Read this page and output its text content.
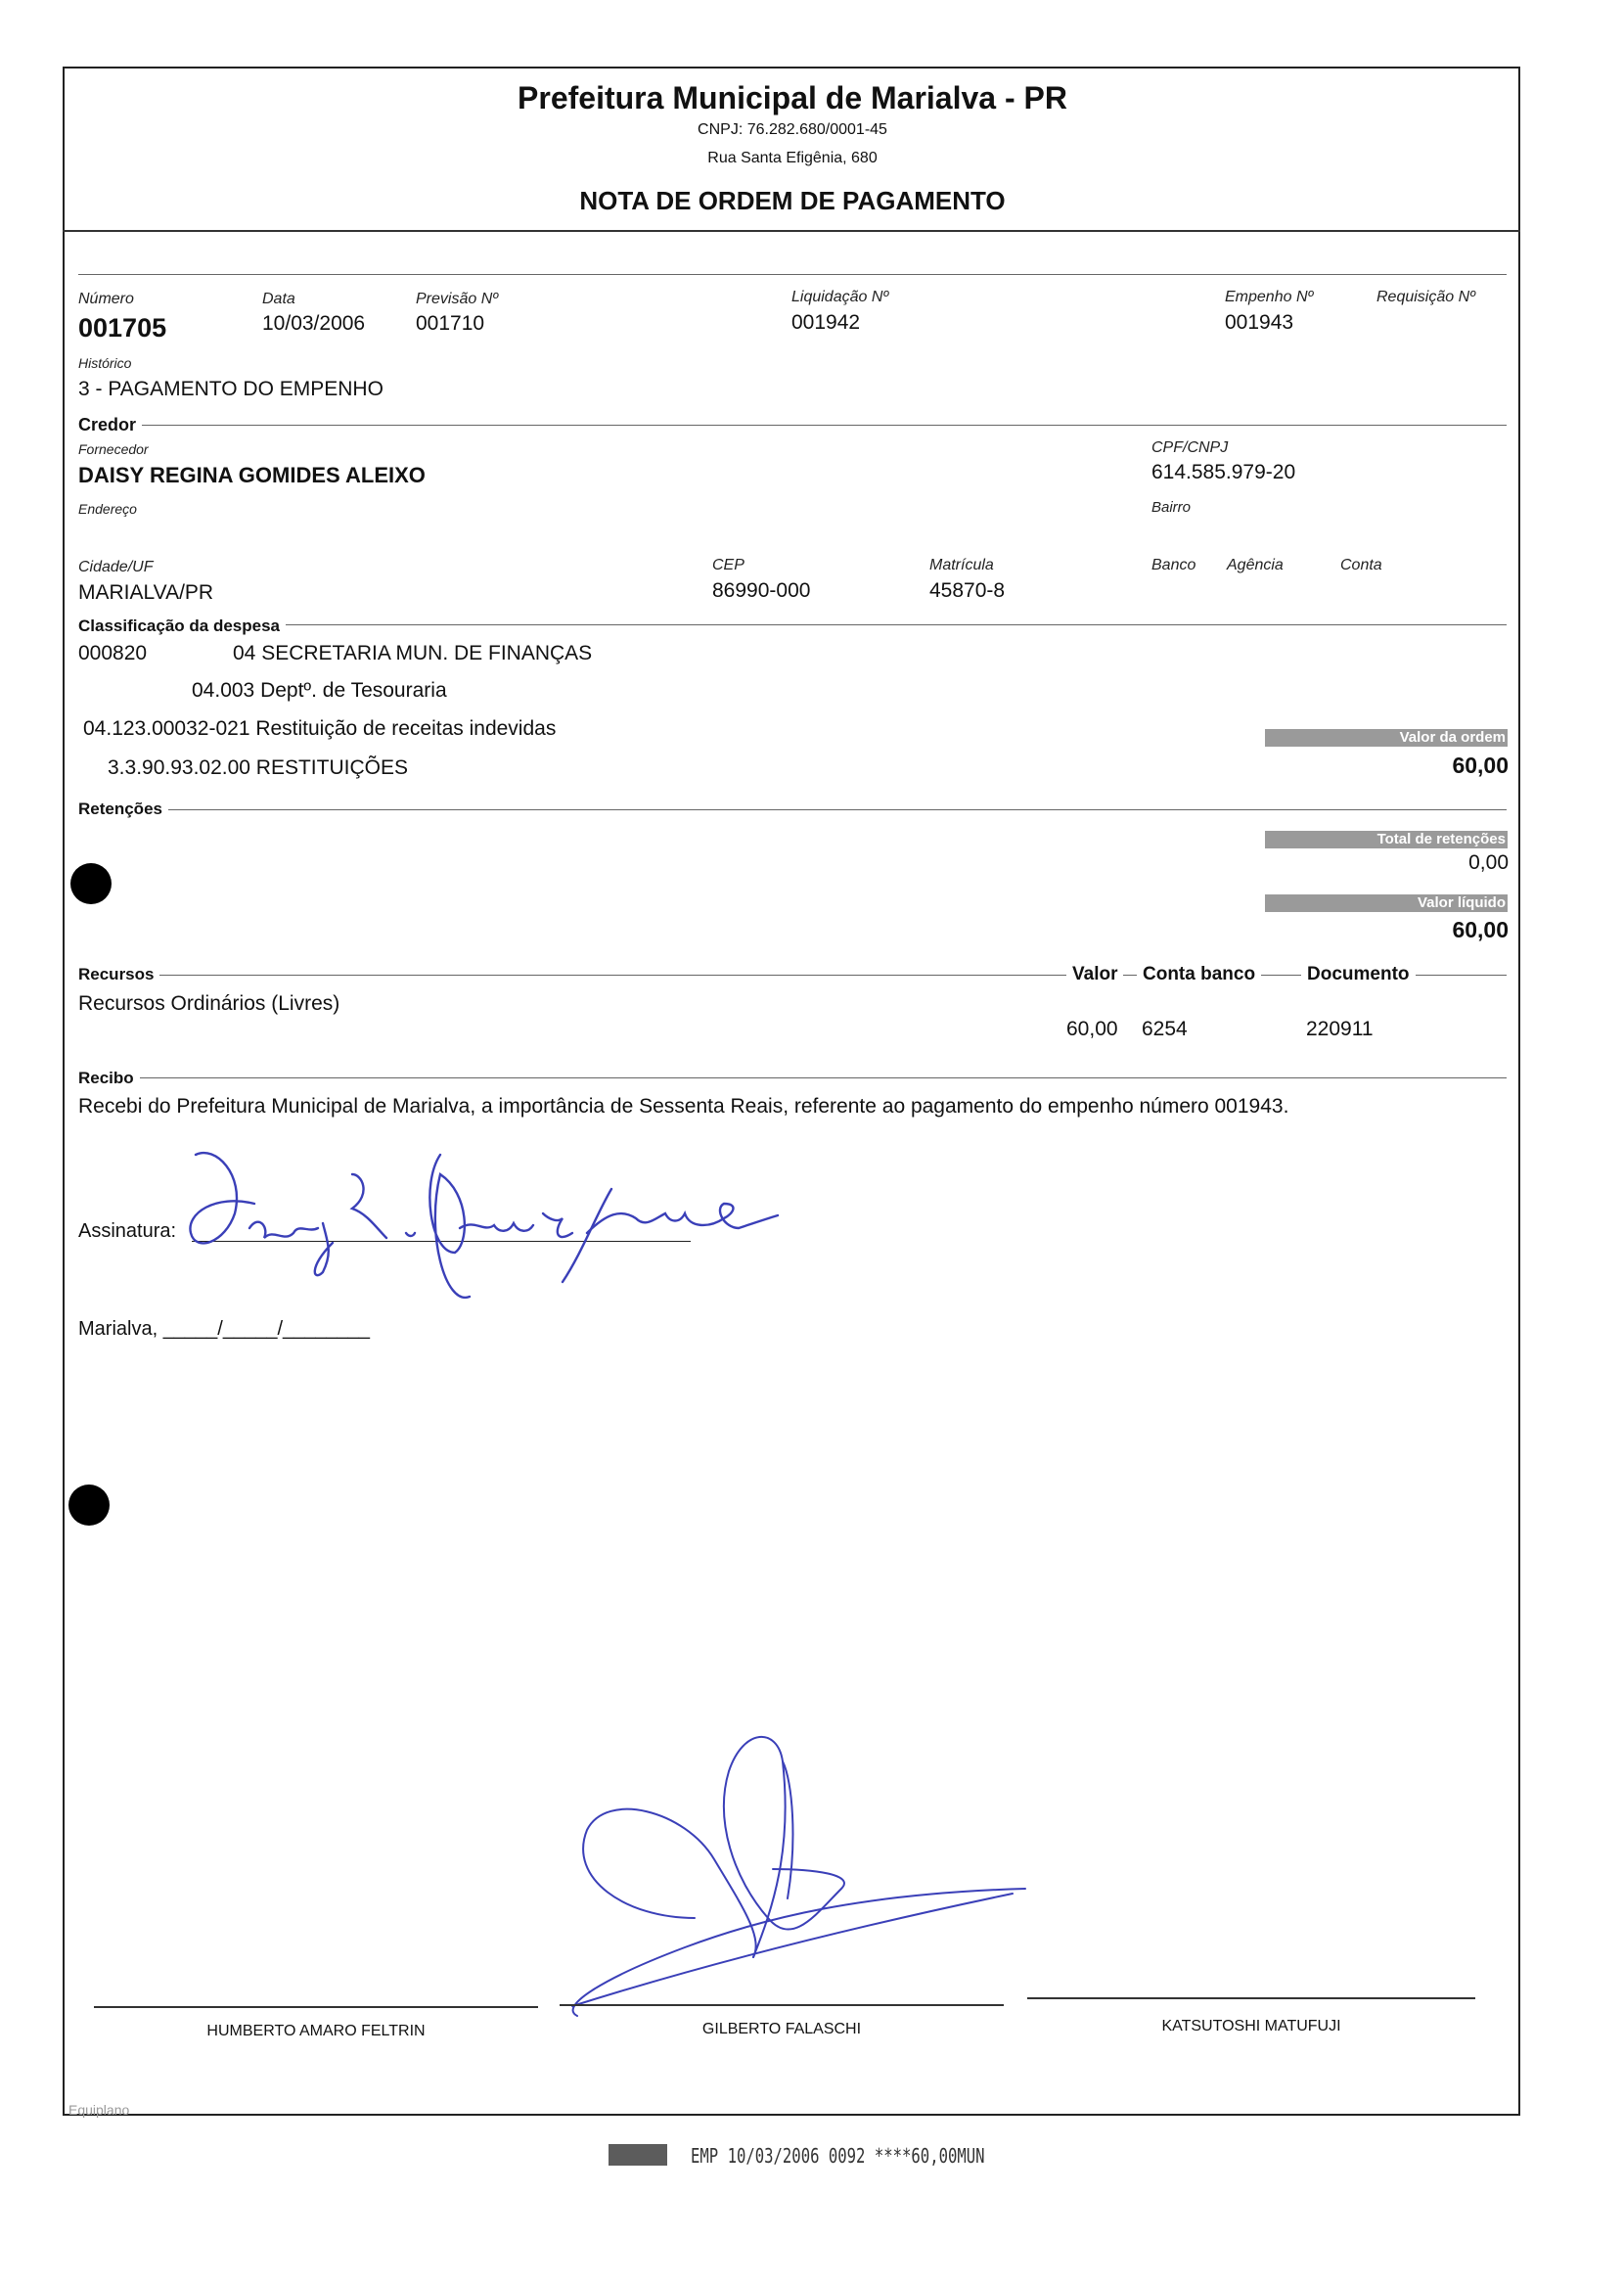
Prefeitura Municipal de Marialva - PR
CNPJ: 76.282.680/0001-45
Rua Santa Efigênia, 680
NOTA DE ORDEM DE PAGAMENTO
Número
001705
Data
10/03/2006
Previsão Nº
001710
Liquidação Nº
001942
Empenho Nº
001943
Requisição Nº
Histórico
3 - PAGAMENTO DO EMPENHO
Credor
Fornecedor
DAISY REGINA GOMIDES ALEIXO
CPF/CNPJ
614.585.979-20
Endereço	Bairro
Cidade/UF
MARIALVA/PR
CEP
86990-000
Matrícula
45870-8
Banco Agência	Conta
Classificação da despesa
000820	04 SECRETARIA MUN. DE FINANÇAS
04.003 Deptº. de Tesouraria
04.123.00032-021 Restituição de receitas indevidas
3.3.90.93.02.00 RESTITUIÇÕES
Valor da ordem
60,00
Retenções
Total de retenções
0,00
Valor líquido
60,00
Recursos	Valor	Conta banco	Documento
Recursos Ordinários (Livres)
60,00 6254	220911
Recibo
Recebi do Prefeitura Municipal de Marialva, a importância de Sessenta Reais, referente ao pagamento do empenho número 001943.
Assinatura:
Marialva, _____/_____/________
HUMBERTO AMARO FELTRIN	GILBERTO FALASCHI	KATSUTOSHI MATUFUJI
Equiplano
EMP 10/03/2006 0092 ****60,00MUN
